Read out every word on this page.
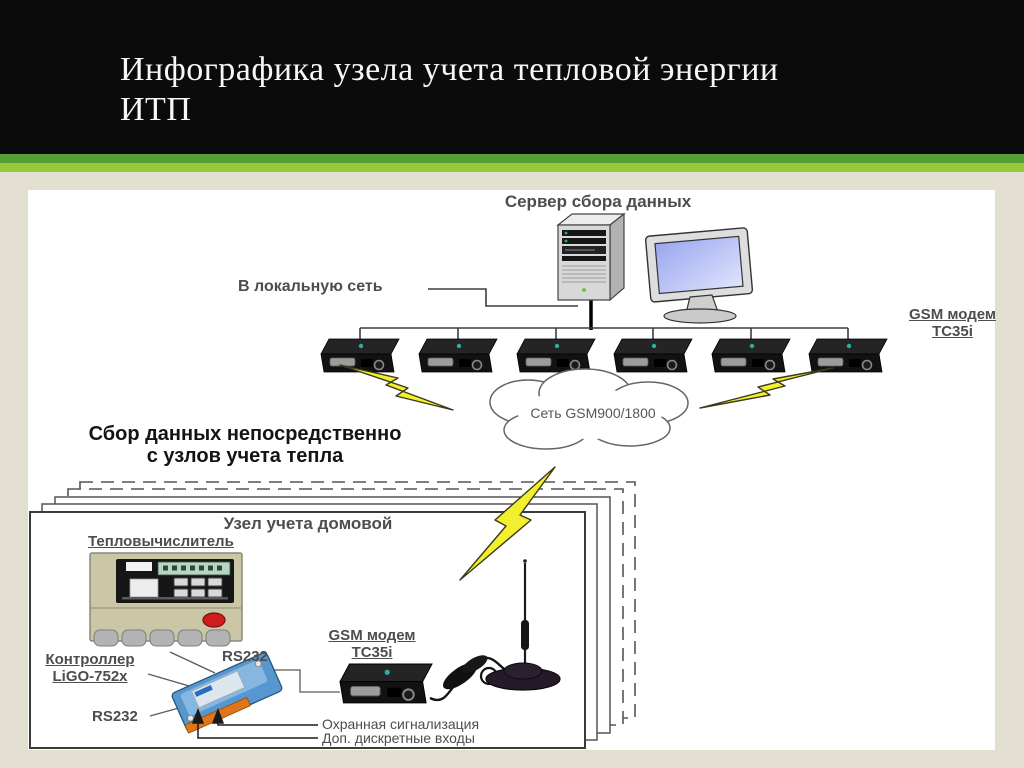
Инфографика узела учета тепловой энергии ИТП
Сервер сбора данных
В локальную сеть
GSM модем
TC35i
Сеть GSM900/1800
Сбор данных непосредственно
с узлов учета тепла
Узел учета домовой
Тепловычислитель
Контроллер
LiGO-752x
RS232
RS232
GSM модем
TC35i
Охранная сигнализация
Доп. дискретные входы
